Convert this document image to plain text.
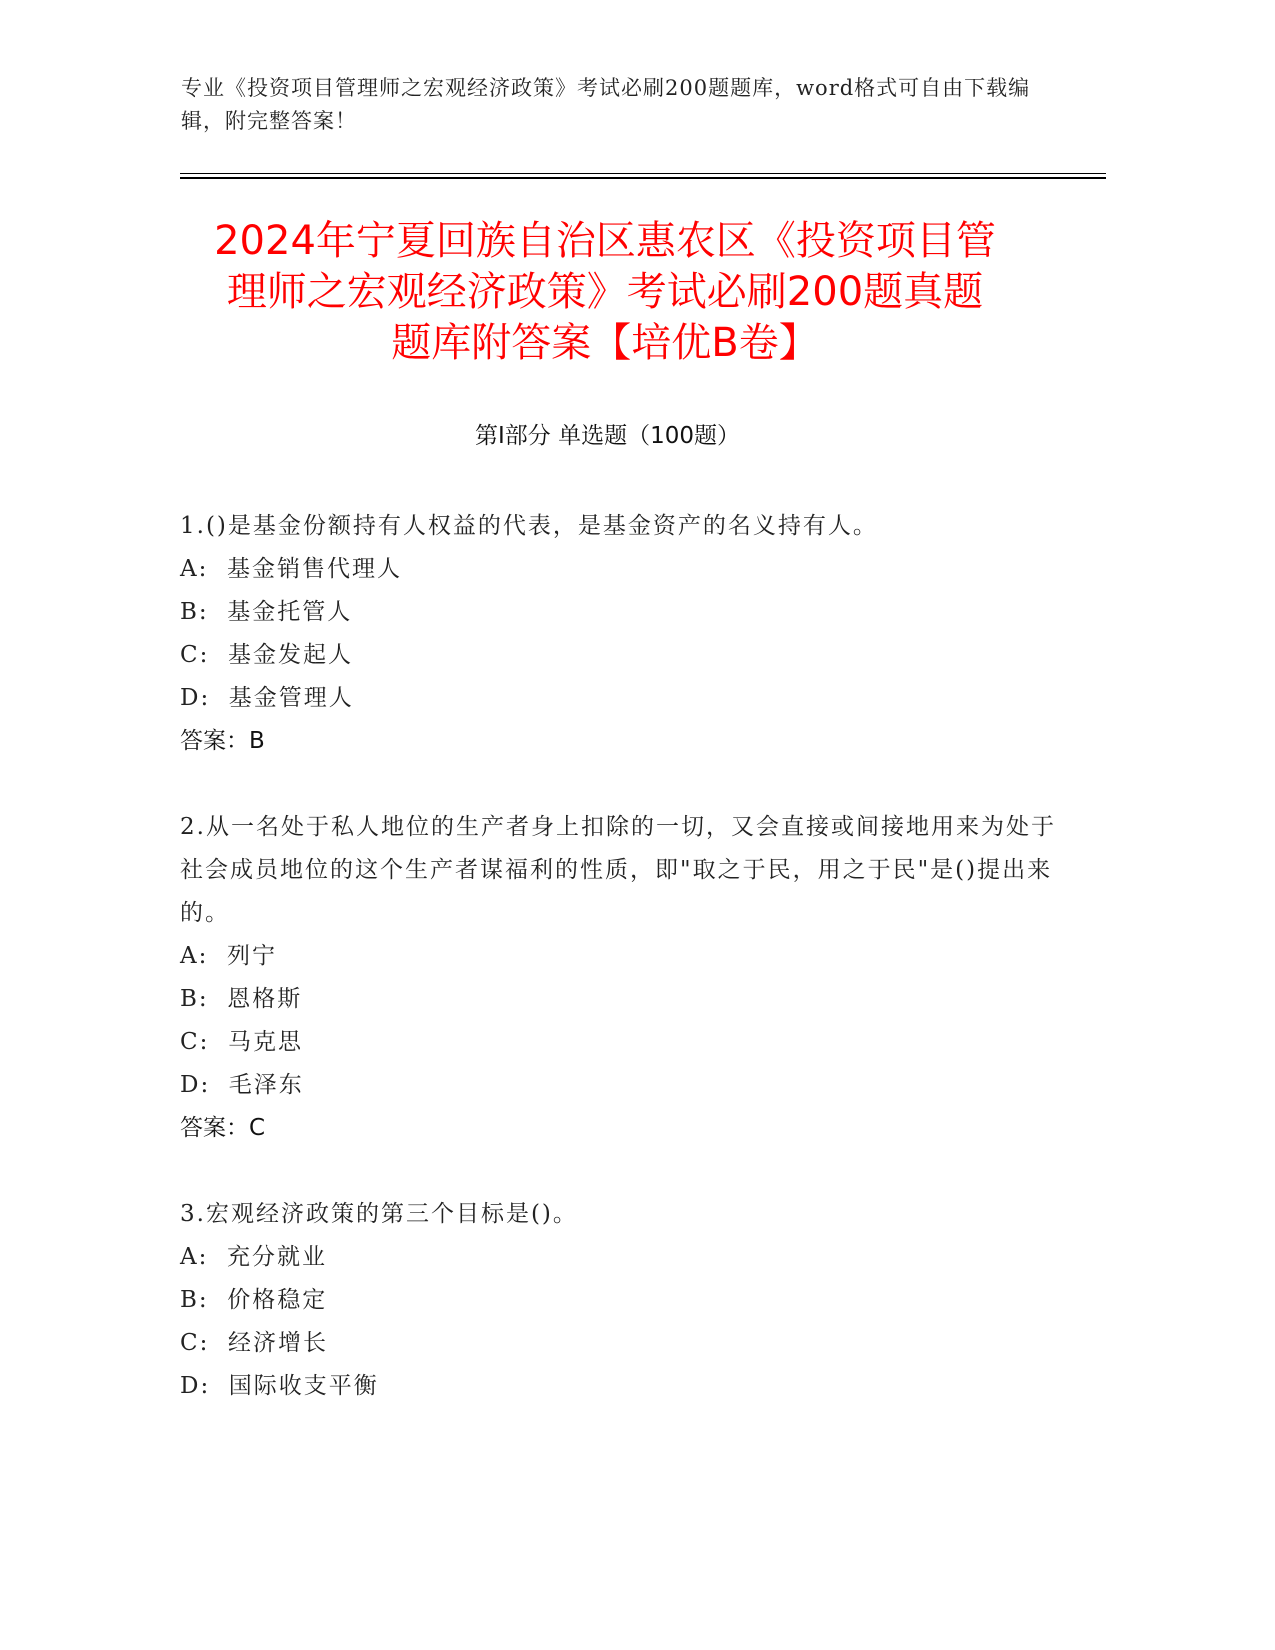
专业《投资项目管理师之宏观经济政策》考试必刷200题题库，word格式可自由下载编辑，附完整答案！
2024年宁夏回族自治区惠农区《投资项目管
理师之宏观经济政策》考试必刷200题真题
题库附答案【培优B卷】
第Ⅰ部分 单选题（100题）
1.()是基金份额持有人权益的代表，是基金资产的名义持有人。
A:  基金销售代理人
B:  基金托管人
C:  基金发起人
D:  基金管理人
答案：B
2.从一名处于私人地位的生产者身上扣除的一切，又会直接或间接地用来为处于社会成员地位的这个生产者谋福利的性质，即"取之于民，用之于民"是()提出来的。
A:  列宁
B:  恩格斯
C:  马克思
D:  毛泽东
答案：C
3.宏观经济政策的第三个目标是()。
A:  充分就业
B:  价格稳定
C:  经济增长
D:  国际收支平衡
